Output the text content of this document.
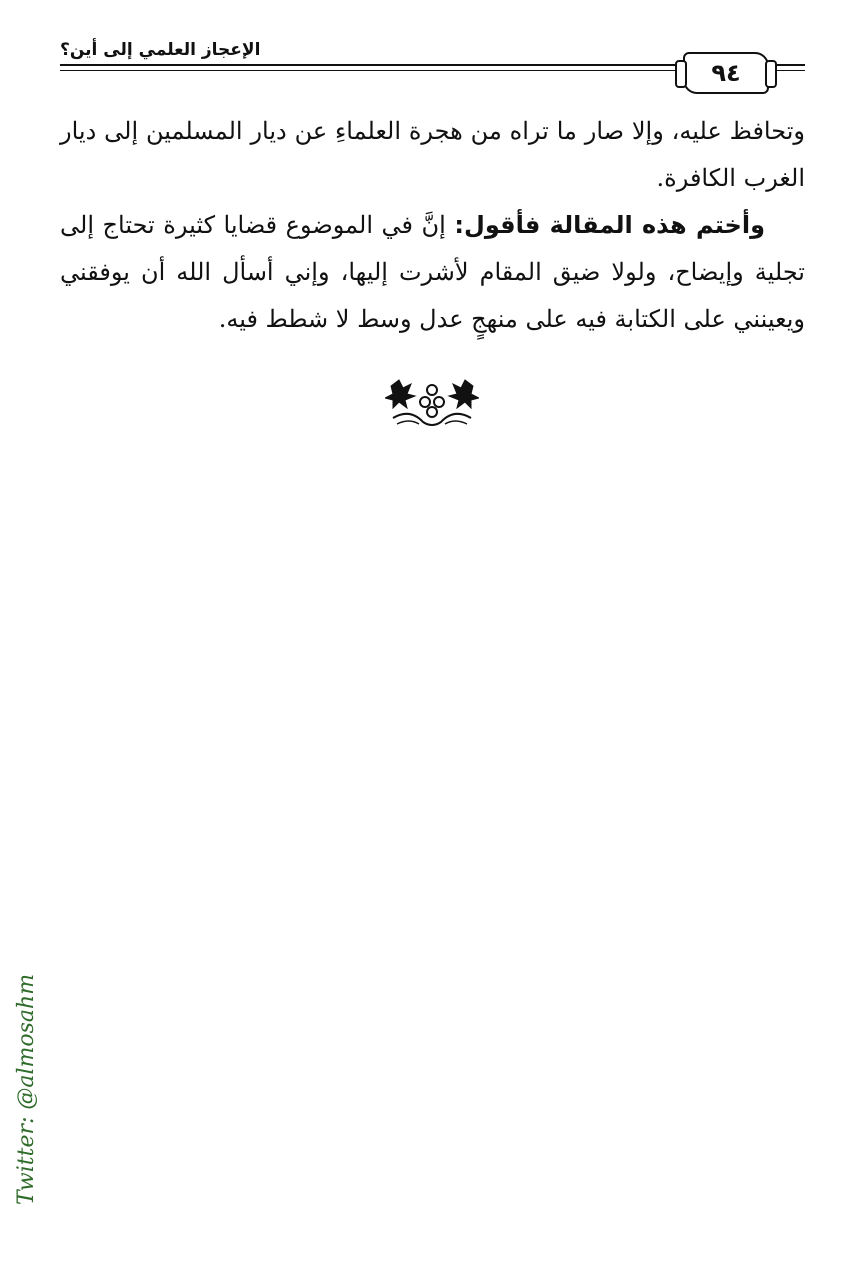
الإعجاز العلمي إلى أين؟
٩٤

وتحافظ عليه، وإلا صار ما تراه من هجرة العلماءِ عن ديار المسلمين إلى ديار الغرب الكافرة.

وأختم هذه المقالة فأقول: إنَّ في الموضوع قضايا كثيرة تحتاج إلى تجلية وإيضاح، ولولا ضيق المقام لأشرت إليها، وإني أسأل الله أن يوفقني ويعينني على الكتابة فيه على منهجٍ عدل وسط لا شطط فيه.

Twitter: @almosahm
